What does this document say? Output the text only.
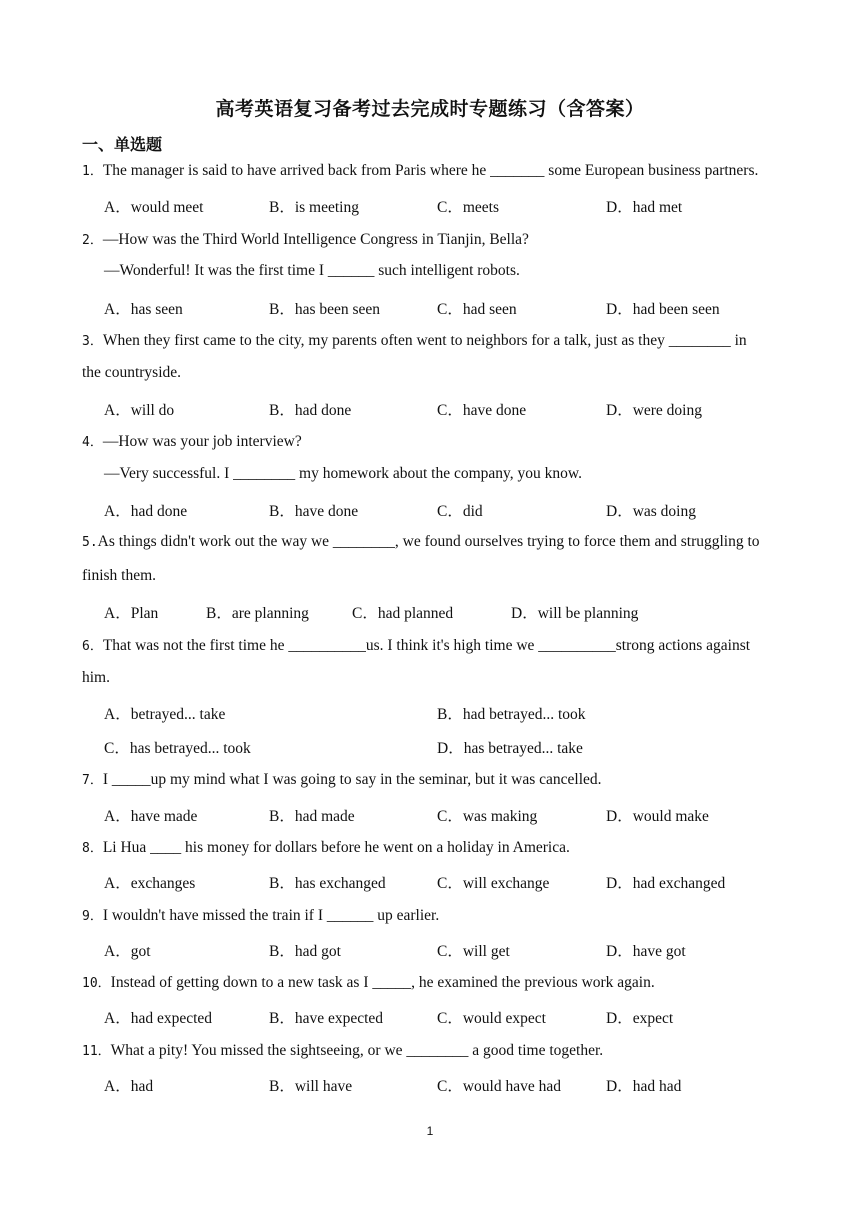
高考英语复习备考过去完成时专题练习（含答案）
一、单选题
1．The manager is said to have arrived back from Paris where he _______ some European business partners.
A．would meet	B．is meeting	C．meets	D．had met
2．—How was the Third World Intelligence Congress in Tianjin, Bella?
—Wonderful! It was the first time I ______ such intelligent robots.
A．has seen	B．has been seen	C．had seen	D．had been seen
3．When they first came to the city, my parents often went to neighbors for a talk, just as they ________ in
the countryside.
A．will do	B．had done	C．have done	D．were doing
4．—How was your job interview?
—Very successful. I ________ my homework about the company, you know.
A．had done	B．have done	C．did	D．was doing
5.As things didn't work out the way we ________, we found ourselves trying to force them and struggling to
finish them.
A．Plan	B．are planning	C．had planned	D．will be planning
6．That was not the first time he __________us. I think it's high time we __________strong actions against
him.
A．betrayed... take	B．had betrayed... took
C．has betrayed... took	D．has betrayed... take
7．I _____up my mind what I was going to say in the seminar, but it was cancelled.
A．have made	B．had made	C．was making	D．would make
8．Li Hua ____ his money for dollars before he went on a holiday in America.
A．exchanges	B．has exchanged	C．will exchange	D．had exchanged
9．I wouldn't have missed the train if I ______ up earlier.
A．got	B．had got	C．will get	D．have got
10．Instead of getting down to a new task as I _____, he examined the previous work again.
A．had expected	B．have expected	C．would expect	D．expect
11．What a pity! You missed the sightseeing, or we ________ a good time together.
A．had	B．will have	C．would have had	D．had had
1
